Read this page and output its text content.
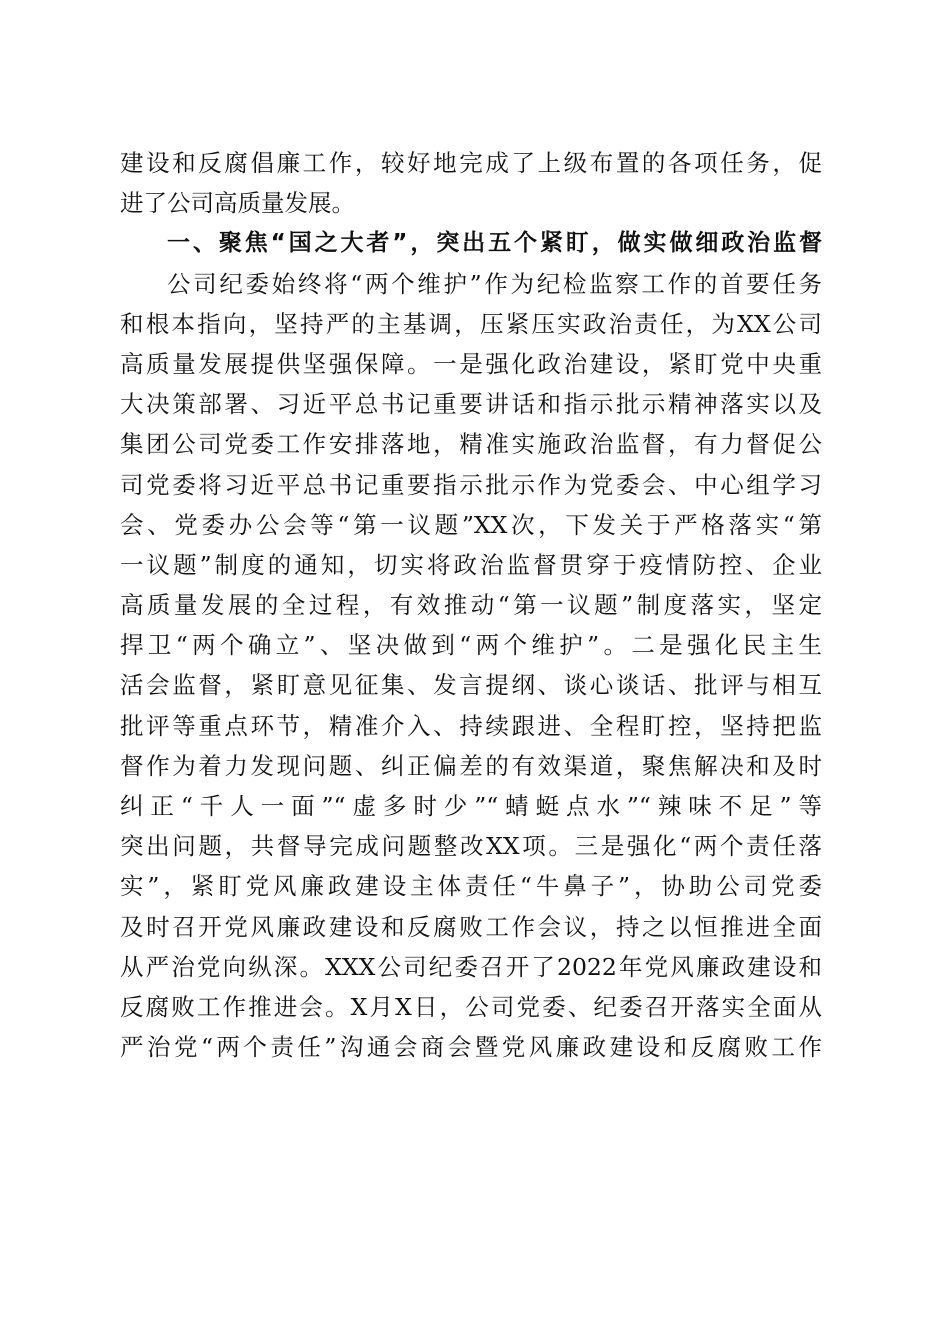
建设和反腐倡廉工作，较好地完成了上级布置的各项任务，促
进了公司高质量发展。
一、聚焦“国之大者”，突出五个紧盯，做实做细政治监督
公司纪委始终将“两个维护”作为纪检监察工作的首要任务
和根本指向，坚持严的主基调，压紧压实政治责任，为XX公司
高质量发展提供坚强保障。一是强化政治建设，紧盯党中央重
大决策部署、习近平总书记重要讲话和指示批示精神落实以及
集团公司党委工作安排落地，精准实施政治监督，有力督促公
司党委将习近平总书记重要指示批示作为党委会、中心组学习
会、党委办公会等“第一议题”XX次，下发关于严格落实“第
一议题”制度的通知，切实将政治监督贯穿于疫情防控、企业
高质量发展的全过程，有效推动“第一议题”制度落实，坚定
捍卫“两个确立”、坚决做到“两个维护”。二是强化民主生
活会监督，紧盯意见征集、发言提纲、谈心谈话、批评与相互
批评等重点环节，精准介入、持续跟进、全程盯控，坚持把监
督作为着力发现问题、纠正偏差的有效渠道，聚焦解决和及时
纠正“千人一面”“虚多时少”“蜻蜓点水”“辣味不足”等
突出问题，共督导完成问题整改XX项。三是强化“两个责任落
实”，紧盯党风廉政建设主体责任“牛鼻子”，协助公司党委
及时召开党风廉政建设和反腐败工作会议，持之以恒推进全面
从严治党向纵深。XXX公司纪委召开了2022年党风廉政建设和
反腐败工作推进会。X月X日，公司党委、纪委召开落实全面从
严治党“两个责任”沟通会商会暨党风廉政建设和反腐败工作
